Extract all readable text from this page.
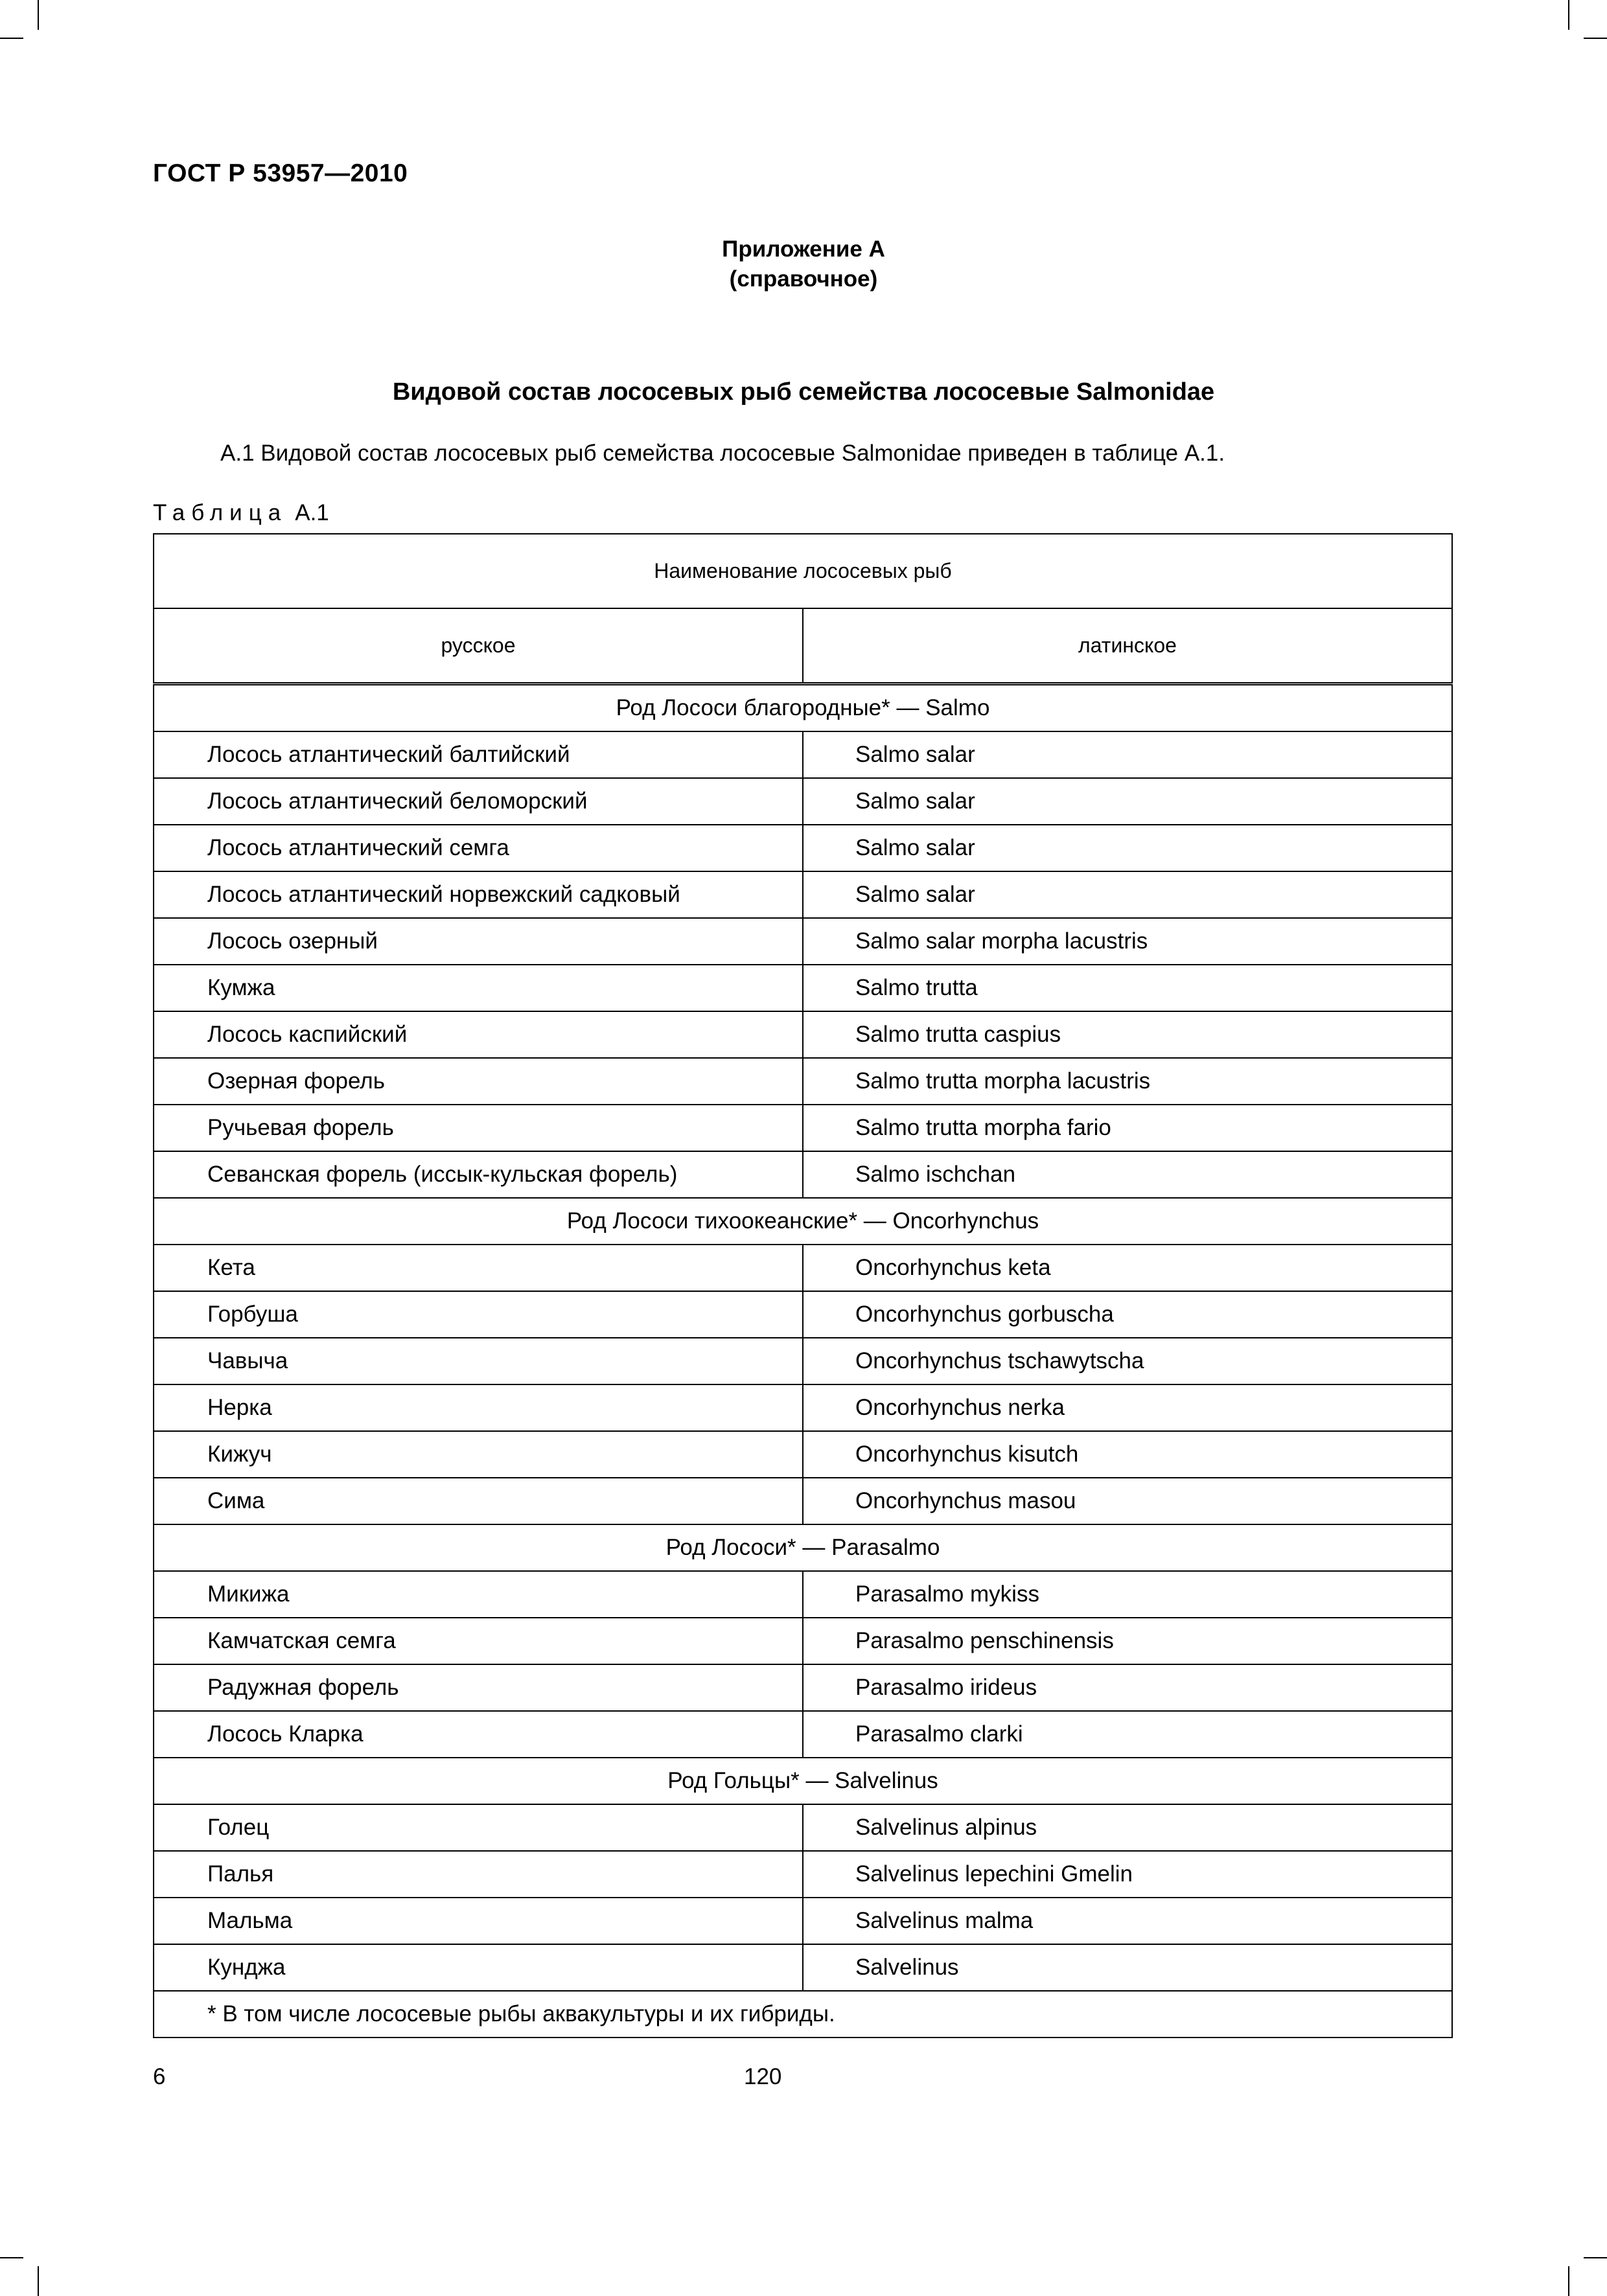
ГОСТ Р 53957—2010
Приложение А
(справочное)
Видовой состав лососевых рыб семейства лососевые Salmonidae
А.1 Видовой состав лососевых рыб семейства лососевые Salmonidae приведен в таблице А.1.
Таблица А.1
Наименование лососевых рыб	
русское	латинское
Род Лососи благородные* — Salmo	
Лосось атлантический балтийский	Salmo salar
Лосось атлантический беломорский	Salmo salar
Лосось атлантический семга	Salmo salar
Лосось атлантический норвежский садковый	Salmo salar
Лосось озерный	Salmo salar morpha lacustris
Кумжа	Salmo trutta
Лосось каспийский	Salmo trutta caspius
Озерная форель	Salmo trutta morpha lacustris
Ручьевая форель	Salmo trutta morpha fario
Севанская форель (иссык-кульская форель)	Salmo ischchan
Род Лососи тихоокеанские* — Oncorhynchus	
Кета	Oncorhynchus keta
Горбуша	Oncorhynchus gorbuscha
Чавыча	Oncorhynchus tschawytscha
Нерка	Oncorhynchus nerka
Кижуч	Oncorhynchus kisutch
Сима	Oncorhynchus masou
Род Лососи* — Parasalmo	
Микижа	Parasalmo mykiss
Камчатская семга	Parasalmo penschinensis
Радужная форель	Parasalmo irideus
Лосось Кларка	Parasalmo clarki
Род Гольцы* — Salvelinus	
Голец	Salvelinus alpinus
Палья	Salvelinus lepechini Gmelin
Мальма	Salvelinus malma
Кунджа	Salvelinus
* В том числе лососевые рыбы аквакультуры и их гибриды.	
6	120
